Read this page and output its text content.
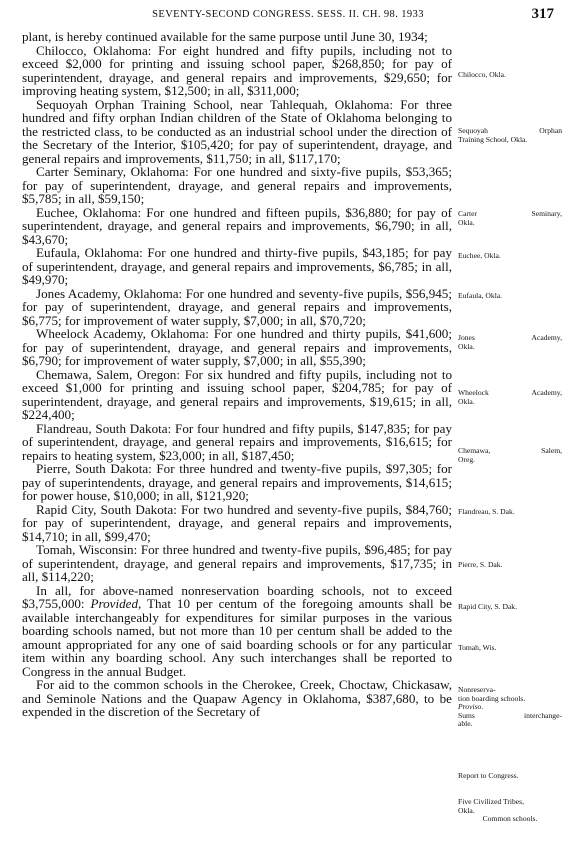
SEVENTY-SECOND CONGRESS. SESS. II. CH. 98. 1933	317

plant, is hereby continued available for the same purpose until June 30, 1934;

Chilocco, Oklahoma: For eight hundred and fifty pupils, including not to exceed $2,000 for printing and issuing school paper, $268,850; for pay of superintendent, drayage, and general repairs and improvements, $29,650; for improving heating system, $12,500; in all, $311,000;

Sequoyah Orphan Training School, near Tahlequah, Oklahoma: For three hundred and fifty orphan Indian children of the State of Oklahoma belonging to the restricted class, to be conducted as an industrial school under the direction of the Secretary of the Interior, $105,420; for pay of superintendent, drayage, and general repairs and improvements, $11,750; in all, $117,170;

Carter Seminary, Oklahoma: For one hundred and sixty-five pupils, $53,365; for pay of superintendent, drayage, and general repairs and improvements, $5,785; in all, $59,150;

Euchee, Oklahoma: For one hundred and fifteen pupils, $36,880; for pay of superintendent, drayage, and general repairs and improvements, $6,790; in all, $43,670;

Eufaula, Oklahoma: For one hundred and thirty-five pupils, $43,185; for pay of superintendent, drayage, and general repairs and improvements, $6,785; in all, $49,970;

Jones Academy, Oklahoma: For one hundred and seventy-five pupils, $56,945; for pay of superintendent, drayage, and general repairs and improvements, $6,775; for improvement of water supply, $7,000; in all, $70,720;

Wheelock Academy, Oklahoma: For one hundred and thirty pupils, $41,600; for pay of superintendent, drayage, and general repairs and improvements, $6,790; for improvement of water supply, $7,000; in all, $55,390;

Chemawa, Salem, Oregon: For six hundred and fifty pupils, including not to exceed $1,000 for printing and issuing school paper, $204,785; for pay of superintendent, drayage, and general repairs and improvements, $19,615; in all, $224,400;

Flandreau, South Dakota: For four hundred and fifty pupils, $147,835; for pay of superintendent, drayage, and general repairs and improvements, $16,615; for repairs to heating system, $23,000; in all, $187,450;

Pierre, South Dakota: For three hundred and twenty-five pupils, $97,305; for pay of superintendents, drayage, and general repairs and improvements, $14,615; for power house, $10,000; in all, $121,920;

Rapid City, South Dakota: For two hundred and seventy-five pupils, $84,760; for pay of superintendent, drayage, and general repairs and improvements, $14,710; in all, $99,470;

Tomah, Wisconsin: For three hundred and twenty-five pupils, $96,485; for pay of superintendent, drayage, and general repairs and improvements, $17,735; in all, $114,220;

In all, for above-named nonreservation boarding schools, not to exceed $3,755,000: Provided, That 10 per centum of the foregoing amounts shall be available interchangeably for expenditures for similar purposes in the various boarding schools named, but not more than 10 per centum shall be added to the amount appropriated for any one of said boarding schools or for any particular item within any boarding school. Any such interchanges shall be reported to Congress in the annual Budget.

For aid to the common schools in the Cherokee, Creek, Choctaw, Chickasaw, and Seminole Nations and the Quapaw Agency in Oklahoma, $387,680, to be expended in the discretion of the Secretary of

Chilocco, Okla.
Sequoyah Orphan
Training School, Okla.
Carter Seminary,
Okla.
Euchee, Okla.
Eufaula, Okla.
Jones Academy,
Okla.
Wheelock Academy,
Okla.
Chemawa, Salem,
Oreg.
Flandreau, S. Dak.
Pierre, S. Dak.
Rapid City, S. Dak.
Tomah, Wis.
Nonreserva-
tion boarding schools.
Proviso.
Sums interchange-
able.
Report to Congress.
Five Civilized Tribes,
Okla.
Common schools.
